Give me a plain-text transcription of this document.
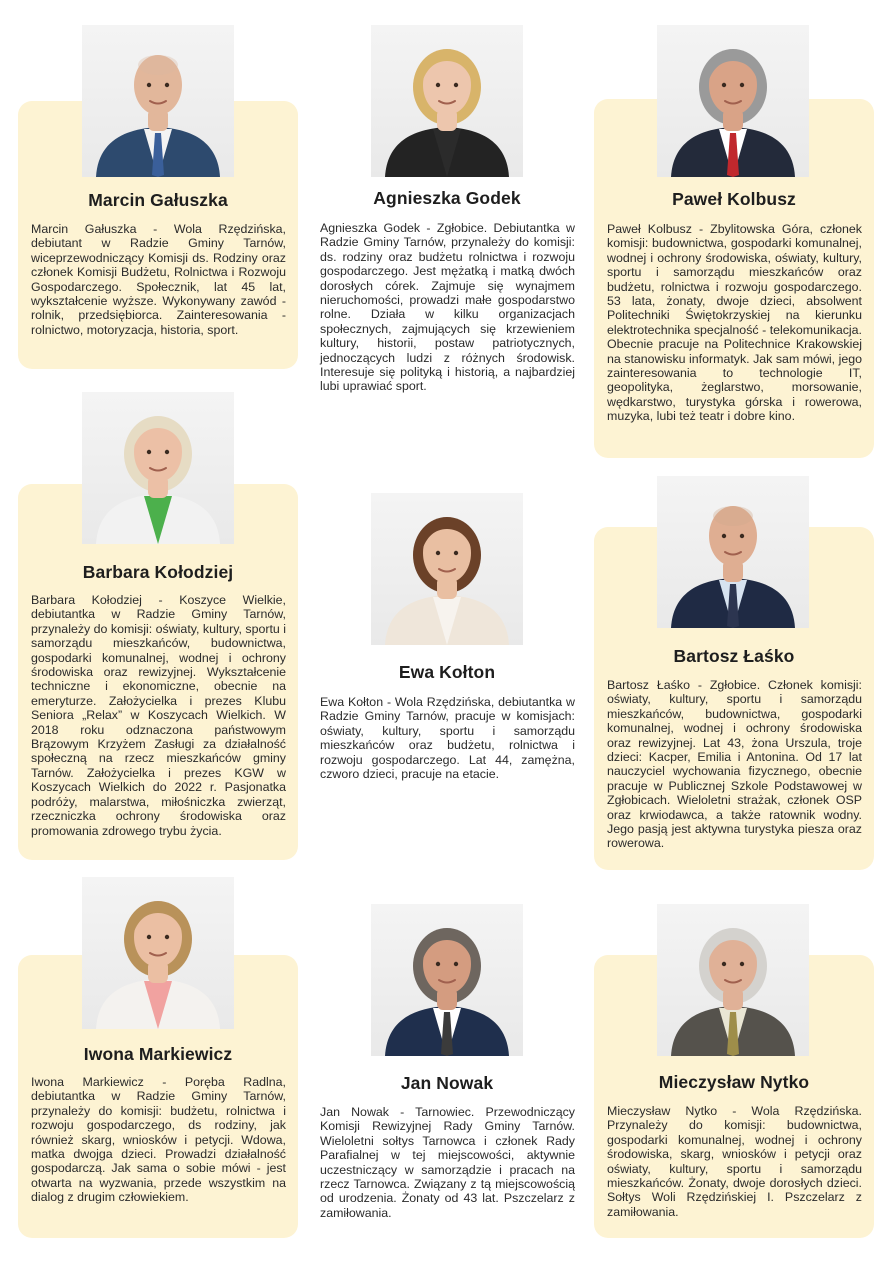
Marcin Gałuszka
Marcin Gałuszka - Wola Rzędzińska, debiutant w Radzie Gminy Tarnów, wiceprzewodniczący Komisji ds. Rodziny oraz członek Komisji Budżetu, Rolnictwa i Rozwoju Gospodarczego. Społecznik, lat 45 lat, wykształcenie wyższe. Wykonywany zawód - rolnik, przedsiębiorca. Zainteresowania - rolnictwo, motoryzacja, historia, sport.
Barbara Kołodziej
Barbara Kołodziej - Koszyce Wielkie, debiutantka w Radzie Gminy Tarnów, przynależy do komisji: oświaty, kultury, sportu i samorządu mieszkańców, budownictwa, gospodarki komunalnej, wodnej i ochrony środowiska oraz rewizyjnej. Wykształcenie techniczne i ekonomiczne, obecnie na emeryturze. Założycielka i prezes Klubu Seniora „Relax” w Koszycach Wielkich. W 2018 roku odznaczona państwowym Brązowym Krzyżem Zasługi za działalność społeczną na rzecz mieszkańców gminy Tarnów. Założycielka i prezes KGW w Koszycach Wielkich do 2022 r. Pasjonatka podróży, malarstwa, miłośniczka zwierząt, rzeczniczka ochrony środowiska oraz promowania zdrowego trybu życia.
Iwona Markiewicz
Iwona Markiewicz - Poręba Radlna, debiutantka w Radzie Gminy Tarnów, przynależy do komisji: budżetu, rolnictwa i rozwoju gospodarczego, ds rodziny, jak również skarg, wniosków i petycji. Wdowa, matka dwojga dzieci. Prowadzi działalność gospodarczą. Jak sama o sobie mówi - jest otwarta na wyzwania, przede wszystkim na dialog z drugim człowiekiem.
Agnieszka Godek
Agnieszka Godek - Zgłobice. Debiutantka w Radzie Gminy Tarnów, przynależy do komisji: ds. rodziny oraz budżetu rolnictwa i rozwoju gospodarczego. Jest mężatką i matką dwóch dorosłych córek. Zajmuje się wynajmem nieruchomości, prowadzi małe gospodarstwo rolne. Działa w kilku organizacjach społecznych, zajmujących się krzewieniem kultury, historii, postaw patriotycznych, jednoczących ludzi z różnych środowisk. Interesuje się polityką i historią, a najbardziej lubi uprawiać sport.
Ewa Kołton
Ewa Kołton - Wola Rzędzińska, debiutantka w Radzie Gminy Tarnów, pracuje w komisjach: oświaty, kultury, sportu i samorządu mieszkańców oraz budżetu, rolnictwa i rozwoju gospodarczego. Lat 44, zamężna, czworo dzieci, pracuje na etacie.
Jan Nowak
Jan Nowak - Tarnowiec. Przewodniczący Komisji Rewizyjnej Rady Gminy Tarnów. Wieloletni sołtys Tarnowca i członek Rady Parafialnej w tej miejscowości, aktywnie uczestniczący w samorządzie i pracach na rzecz Tarnowca. Związany z tą miejscowością od urodzenia. Żonaty od 43 lat. Pszczelarz z zamiłowania.
Paweł Kolbusz
Paweł Kolbusz - Zbylitowska Góra, członek komisji: budownictwa, gospodarki komunalnej, wodnej i ochrony środowiska, oświaty, kultury, sportu i samorządu mieszkańców oraz budżetu, rolnictwa i rozwoju gospodarczego. 53 lata, żonaty, dwoje dzieci, absolwent Politechniki Świętokrzyskiej na kierunku elektrotechnika specjalność - telekomunikacja. Obecnie pracuje na Politechnice Krakowskiej na stanowisku informatyk. Jak sam mówi, jego zainteresowania to technologie IT, geopolityka, żeglarstwo, morsowanie, wędkarstwo, turystyka górska i rowerowa, muzyka, lubi też teatr i dobre kino.
Bartosz Łaśko
Bartosz Łaśko - Zgłobice. Członek komisji: oświaty, kultury, sportu i samorządu mieszkańców, budownictwa, gospodarki komunalnej, wodnej i ochrony środowiska oraz rewizyjnej. Lat 43, żona Urszula, troje dzieci: Kacper, Emilia i Antonina. Od 17 lat nauczyciel wychowania fizycznego, obecnie pracuje w Publicznej Szkole Podstawowej w Zgłobicach. Wieloletni strażak, członek OSP oraz krwiodawca, a także ratownik wodny. Jego pasją jest aktywna turystyka piesza oraz rowerowa.
Mieczysław Nytko
Mieczysław Nytko - Wola Rzędzińska. Przynależy do komisji: budownictwa, gospodarki komunalnej, wodnej i ochrony środowiska, skarg, wniosków i petycji oraz oświaty, kultury, sportu i samorządu mieszkańców. Żonaty, dwoje dorosłych dzieci. Sołtys Woli Rzędzińskiej I. Pszczelarz z zamiłowania.
